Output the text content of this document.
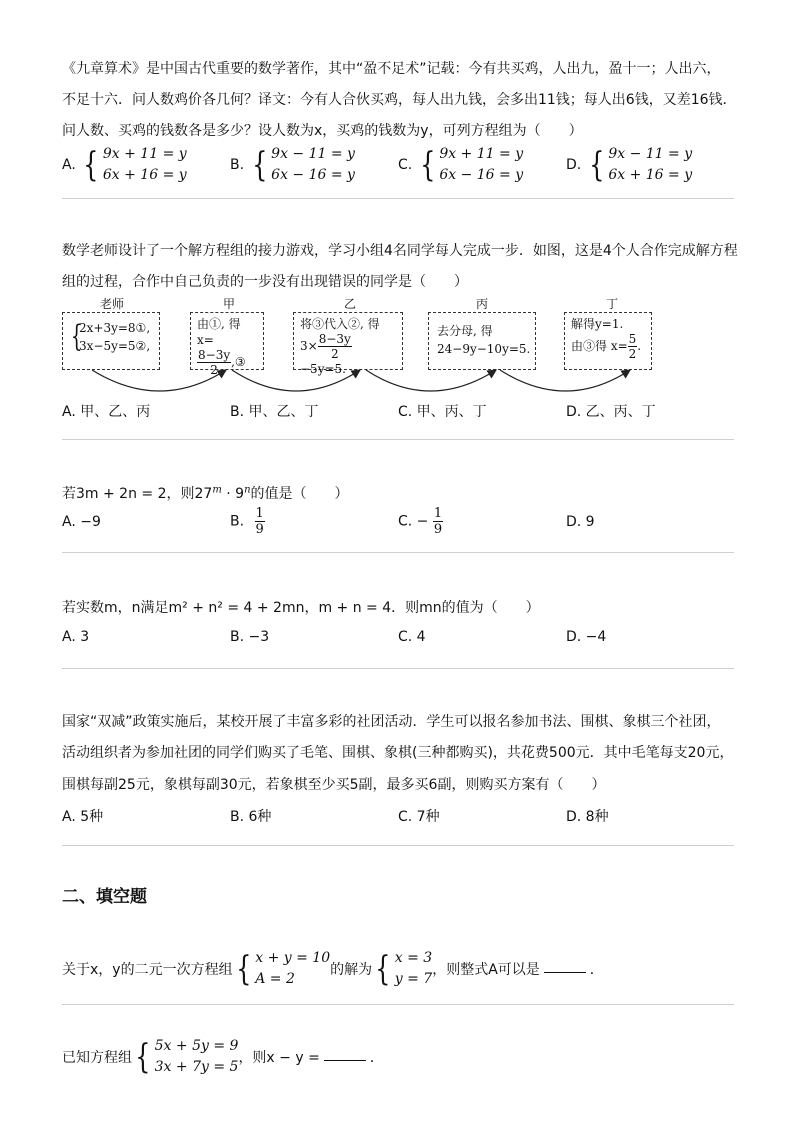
《九章算术》是中国古代重要的数学著作，其中“盈不足术”记载：今有共买鸡，人出九，盈十一；人出六，
不足十六．问人数鸡价各几何？译文：今有人合伙买鸡，每人出九钱，会多出11钱；每人出6钱，又差16钱．
问人数、买鸡的钱数各是多少？设人数为x，买鸡的钱数为y，可列方程组为（　　）
A. { 9x + 11 = y
6x + 16 = y
B. { 9x − 11 = y
6x − 16 = y
C. { 9x + 11 = y
6x − 16 = y
D. { 9x − 11 = y
6x + 16 = y
数学老师设计了一个解方程组的接力游戏，学习小组4名同学每人完成一步．如图，这是4个人合作完成解方程
组的过程，合作中自己负责的一步没有出现错误的同学是（　　）
老师	甲	乙	丙	丁
{
2x+3y=8①,
3x−5y=5②,
由①, 得x=
$\frac{8-3y}{2}$ ,③
将③代入②, 得
$3\times \frac{8-3y}{2}$
−5y=5.
去分母, 得
24−9y−10y=5.
解得y=1.
由③得 $x= \frac{5}{2}$ .
A. 甲、乙、丙	B. 甲、乙、丁	C. 甲、丙、丁	D. 乙、丙、丁
若3m + 2n = 2，则$27^m \cdot 9^n$的值是（　　）
A. −9	B. $\frac{1}{9}$	C. − $\frac{1}{9}$	D. 9
若实数m，n满足m² + n² = 4 + 2mn，m + n = 4．则mn的值为（　　）
A. 3	B. −3	C. 4	D. −4
国家“双减”政策实施后，某校开展了丰富多彩的社团活动．学生可以报名参加书法、围棋、象棋三个社团，
活动组织者为参加社团的同学们购买了毛笔、围棋、象棋(三种都购买)，共花费500元．其中毛笔每支20元，
围棋每副25元，象棋每副30元，若象棋至少买5副，最多买6副，则购买方案有（　　）
A. 5种	B. 6种	C. 7种	D. 8种
二、填空题
关于x，y的二元一次方程组 { x + y = 10
A = 2
的解为 { x = 3
y = 7
，则整式A可以是	．
已知方程组 { 5x + 5y = 9
3x + 7y = 5
，则x − y =	．
